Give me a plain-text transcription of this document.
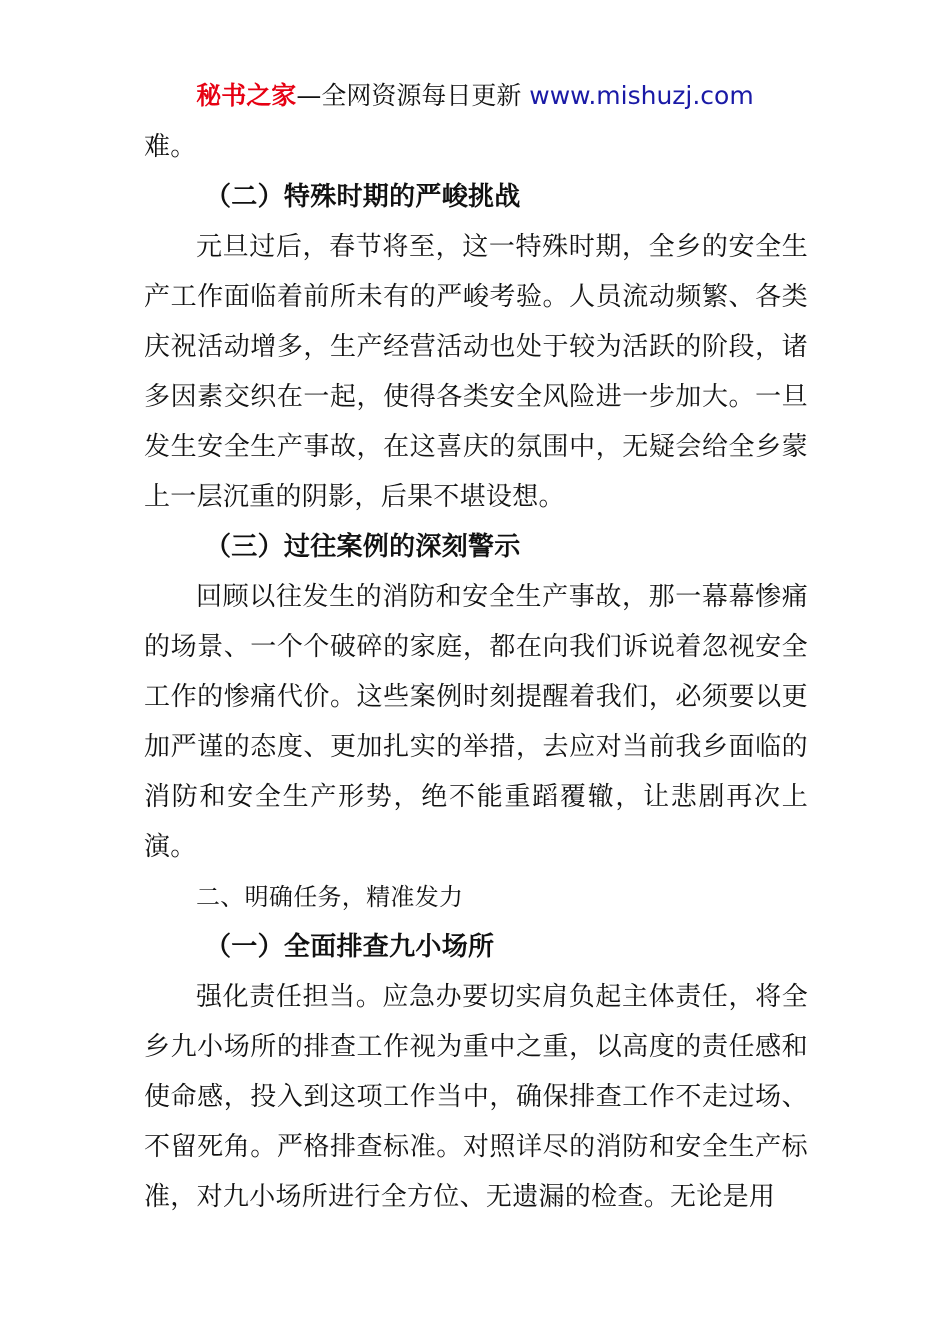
秘书之家—全网资源每日更新 www.mishuzj.com

难。

（二）特殊时期的严峻挑战

元旦过后，春节将至，这一特殊时期，全乡的安全生产工作面临着前所未有的严峻考验。人员流动频繁、各类庆祝活动增多，生产经营活动也处于较为活跃的阶段，诸多因素交织在一起，使得各类安全风险进一步加大。一旦发生安全生产事故，在这喜庆的氛围中，无疑会给全乡蒙上一层沉重的阴影，后果不堪设想。

（三）过往案例的深刻警示

回顾以往发生的消防和安全生产事故，那一幕幕惨痛的场景、一个个破碎的家庭，都在向我们诉说着忽视安全工作的惨痛代价。这些案例时刻提醒着我们，必须要以更加严谨的态度、更加扎实的举措，去应对当前我乡面临的消防和安全生产形势，绝不能重蹈覆辙，让悲剧再次上演。

二、明确任务，精准发力

（一）全面排查九小场所

强化责任担当。应急办要切实肩负起主体责任，将全乡九小场所的排查工作视为重中之重，以高度的责任感和使命感，投入到这项工作当中，确保排查工作不走过场、不留死角。严格排查标准。对照详尽的消防和安全生产标准，对九小场所进行全方位、无遗漏的检查。无论是用
